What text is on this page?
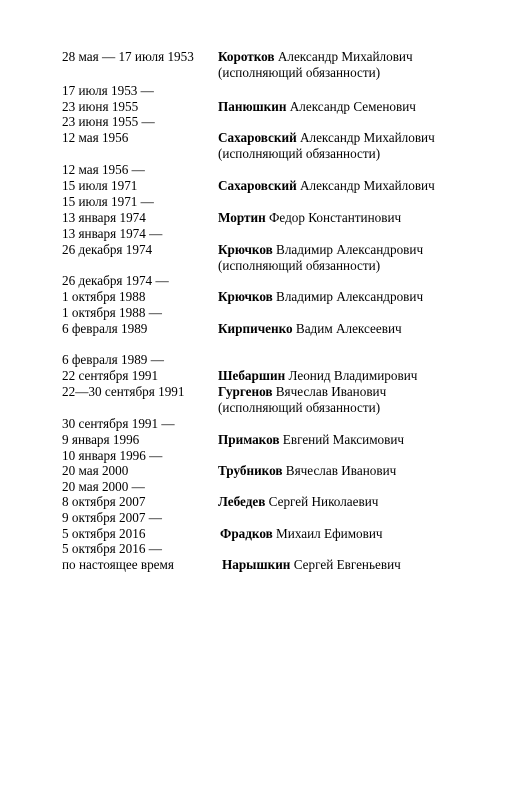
28 мая — 17 июля 1953 Коротков Александр Михайлович
(исполняющий обязанности)
17 июля 1953 —
23 июня 1955	Панюшкин Александр Семенович
23 июня 1955 —
12 мая 1956	Сахаровский Александр Михайлович
(исполняющий обязанности)
12 мая 1956 —
15 июля 1971	Сахаровский Александр Михайлович
15 июля 1971 —
13 января 1974	Мортин Федор Константинович
13 января 1974 —
26 декабря 1974	Крючков Владимир Александрович
(исполняющий обязанности)
26 декабря 1974 —
1 октября 1988	Крючков Владимир Александрович
1 октября 1988 —
6 февраля 1989	Кирпиченко Вадим Алексеевич
6 февраля 1989 —
22 сентября 1991	Шебаршин Леонид Владимирович
22—30 сентября 1991	Гургенов Вячеслав Иванович
(исполняющий обязанности)
30 сентября 1991 —
9 января 1996	Примаков Евгений Максимович
10 января 1996 —
20 мая 2000	Трубников Вячеслав Иванович
20 мая 2000 —
8 октября 2007	Лебедев Сергей Николаевич
9 октября 2007 —
5 октября 2016	Фрадков Михаил Ефимович
5 октября 2016 —
по настоящее время	Нарышкин Сергей Евгеньевич
